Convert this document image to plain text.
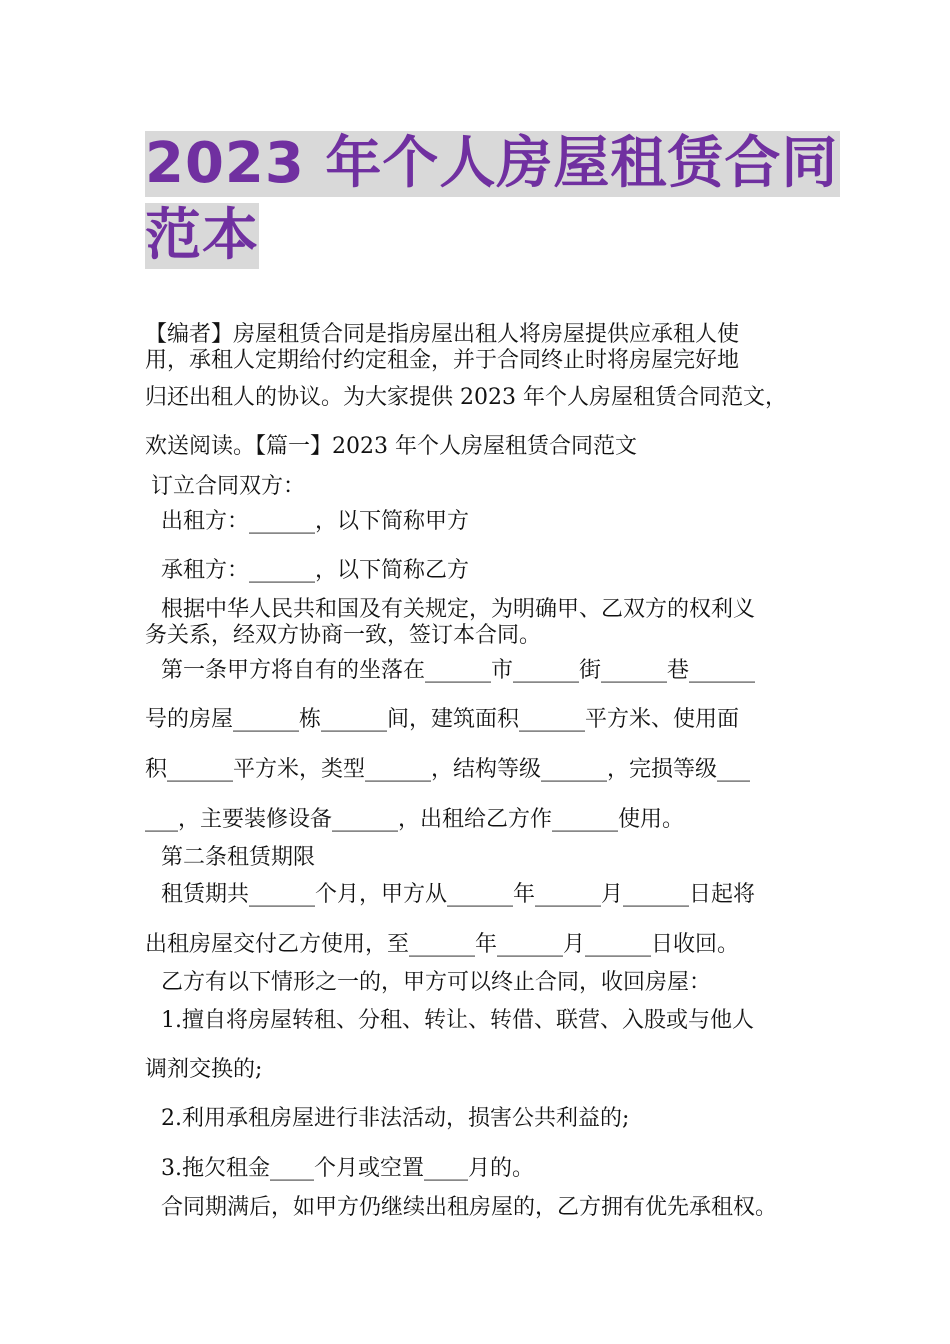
2023 年个人房屋租赁合同
范本
【编者】房屋租赁合同是指房屋出租人将房屋提供应承租人使
用，承租人定期给付约定租金，并于合同终止时将房屋完好地
归还出租人的协议。为大家提供 2023 年个人房屋租赁合同范文，
欢送阅读。【篇一】2023 年个人房屋租赁合同范文
订立合同双方：
出租方：______，以下简称甲方
承租方：______，以下简称乙方
根据中华人民共和国及有关规定，为明确甲、乙双方的权利义
务关系，经双方协商一致，签订本合同。
第一条甲方将自有的坐落在______市______街______巷______
号的房屋______栋______间，建筑面积______平方米、使用面
积______平方米，类型______，结构等级______，完损等级___
___，主要装修设备______，出租给乙方作______使用。
第二条租赁期限
租赁期共______个月，甲方从______年______月______日起将
出租房屋交付乙方使用，至______年______月______日收回。
乙方有以下情形之一的，甲方可以终止合同，收回房屋：
1.擅自将房屋转租、分租、转让、转借、联营、入股或与他人
调剂交换的;
2.利用承租房屋进行非法活动，损害公共利益的;
3.拖欠租金____个月或空置____月的。
合同期满后，如甲方仍继续出租房屋的，乙方拥有优先承租权。
